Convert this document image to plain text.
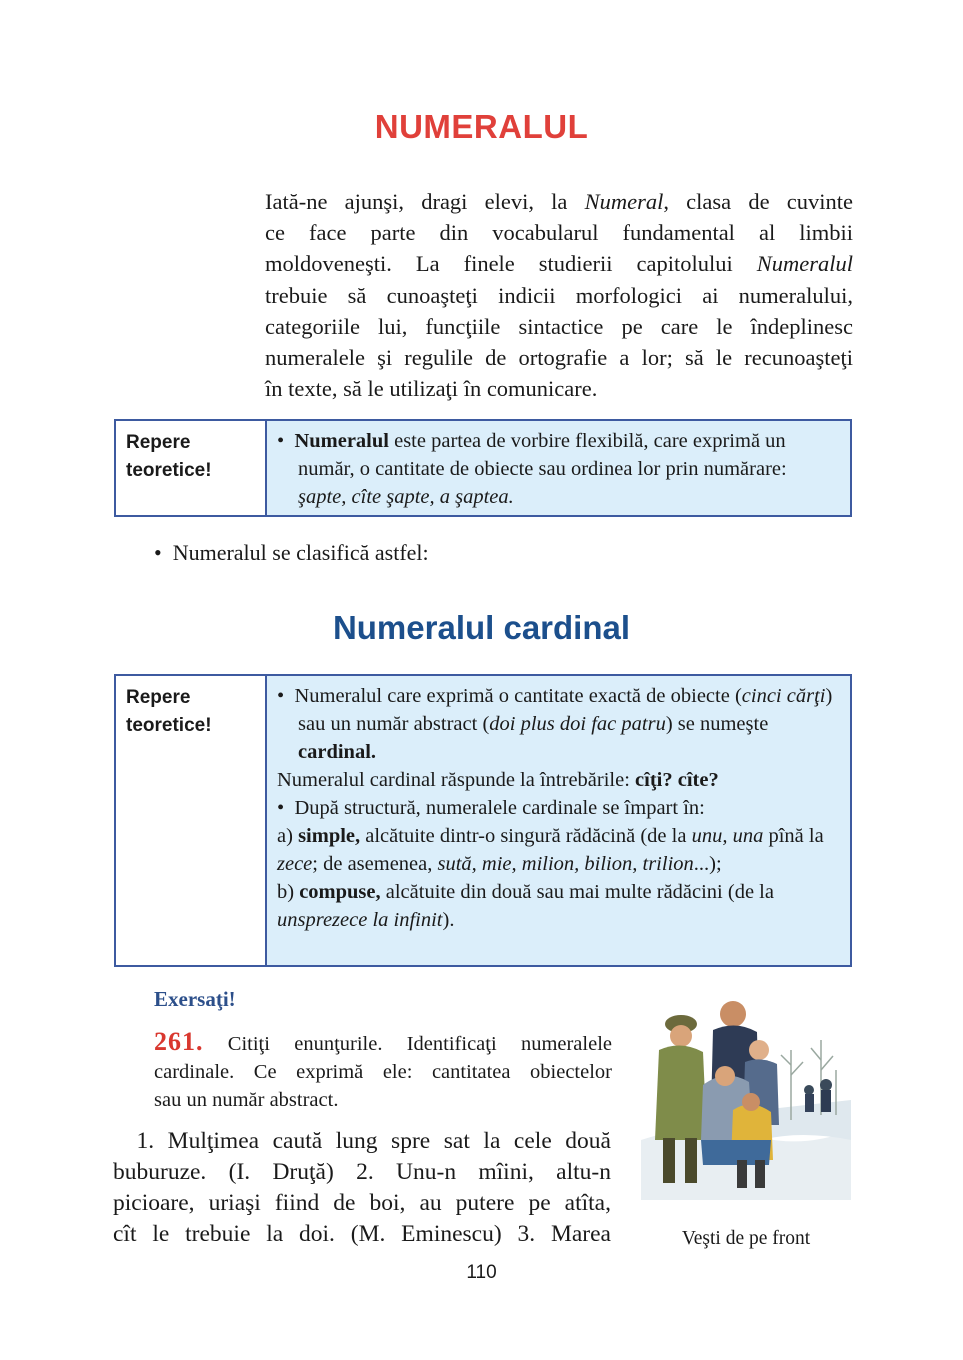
NUMERALUL
Iată-ne ajunşi, dragi elevi, la Numeral, clasa de cuvinte
ce face parte din vocabularul fundamental al limbii
moldoveneşti. La finele studierii capitolului Numeralul
trebuie să cunoaşteţi indicii morfologici ai numeralului,
categoriile lui, funcţiile sintactice pe care le îndeplinesc
numeralele şi regulile de ortografie a lor; să le recunoaşteţi
în texte, să le utilizaţi în comunicare.
Repere teoretice!
•  Numeralul este partea de vorbire flexibilă, care exprimă un număr, o cantitate de obiecte sau ordinea lor prin numărare: şapte, cîte şapte, a şaptea.
•  Numeralul se clasifică astfel:
Numeralul cardinal
Repere teoretice!
•  Numeralul care exprimă o cantitate exactă de obiecte (cinci cărţi) sau un număr abstract (doi plus doi fac patru) se numeşte cardinal.
Numeralul cardinal răspunde la întrebările: cîţi? cîte?
•  După structură, numeralele cardinale se împart în:
a) simple, alcătuite dintr-o singură rădăcină (de la unu, una pînă la zece; de asemenea, sută, mie, milion, bilion, trilion...);
b) compuse, alcătuite din două sau mai multe rădăcini (de la unsprezece la infinit).
Exersaţi!
261. Citiţi enunţurile. Identificaţi numeralele
cardinale. Ce exprimă ele: cantitatea obiectelor
sau un număr abstract.
 1. Mulţimea caută lung spre sat la cele două
buburuze. (I. Druţă) 2. Unu-n mîini, altu-n
picioare, uriaşi fiind de boi, au putere pe atîta,
cît le trebuie la doi. (M. Eminescu) 3. Marea	Veşti de pe front
110
